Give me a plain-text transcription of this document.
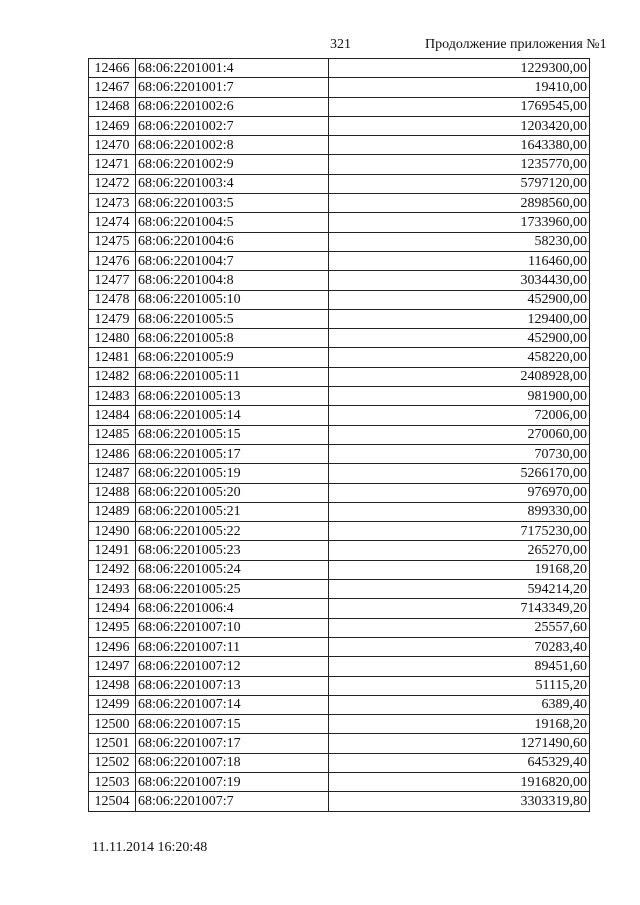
321	Продолжение приложения №1
12466	68:06:2201001:4	1229300,00
12467	68:06:2201001:7	19410,00
12468	68:06:2201002:6	1769545,00
12469	68:06:2201002:7	1203420,00
12470	68:06:2201002:8	1643380,00
12471	68:06:2201002:9	1235770,00
12472	68:06:2201003:4	5797120,00
12473	68:06:2201003:5	2898560,00
12474	68:06:2201004:5	1733960,00
12475	68:06:2201004:6	58230,00
12476	68:06:2201004:7	116460,00
12477	68:06:2201004:8	3034430,00
12478	68:06:2201005:10	452900,00
12479	68:06:2201005:5	129400,00
12480	68:06:2201005:8	452900,00
12481	68:06:2201005:9	458220,00
12482	68:06:2201005:11	2408928,00
12483	68:06:2201005:13	981900,00
12484	68:06:2201005:14	72006,00
12485	68:06:2201005:15	270060,00
12486	68:06:2201005:17	70730,00
12487	68:06:2201005:19	5266170,00
12488	68:06:2201005:20	976970,00
12489	68:06:2201005:21	899330,00
12490	68:06:2201005:22	7175230,00
12491	68:06:2201005:23	265270,00
12492	68:06:2201005:24	19168,20
12493	68:06:2201005:25	594214,20
12494	68:06:2201006:4	7143349,20
12495	68:06:2201007:10	25557,60
12496	68:06:2201007:11	70283,40
12497	68:06:2201007:12	89451,60
12498	68:06:2201007:13	51115,20
12499	68:06:2201007:14	6389,40
12500	68:06:2201007:15	19168,20
12501	68:06:2201007:17	1271490,60
12502	68:06:2201007:18	645329,40
12503	68:06:2201007:19	1916820,00
12504	68:06:2201007:7	3303319,80
11.11.2014 16:20:48
